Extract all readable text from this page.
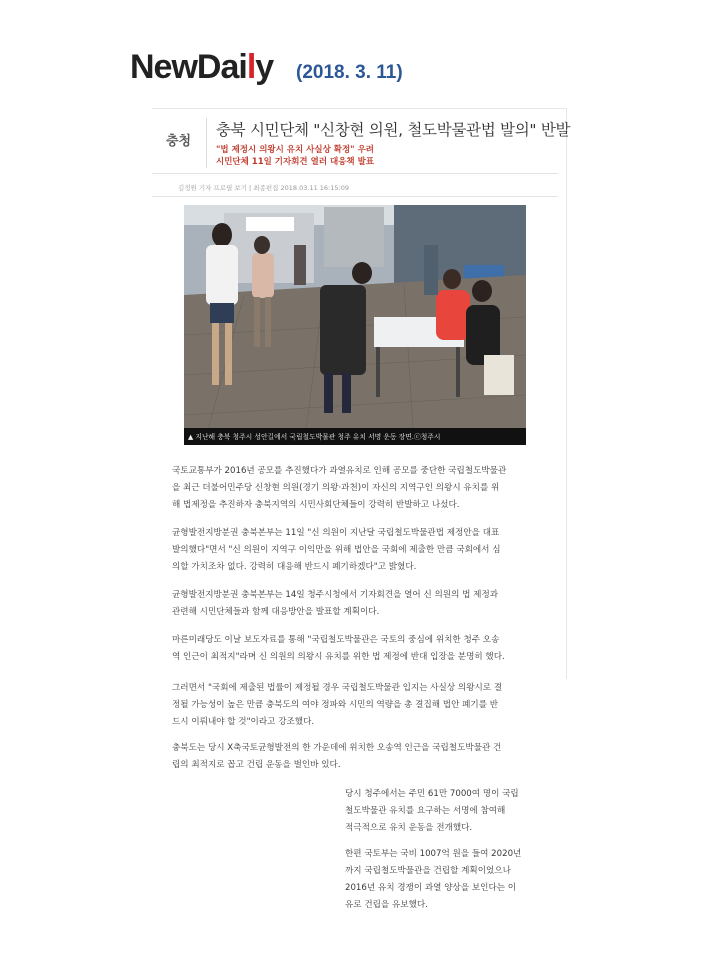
NewDaily (2018. 3. 11)
충청
충북 시민단체 "신창현 의원, 철도박물관법 발의" 반발
"법 제정시 의왕시 유치 사실상 확정" 우려
시민단체 11일 기자회견 열러 대응책 발표
김정원 기자 프로필 보기 | 최종편집 2018.03.11 16:15:09
▲ 지난해 충북 청주시 성안길에서 국립철도박물관 청주 유치 서명 운동 장면.ⓒ청주시
국토교통부가 2016년 공모를 추진했다가 과열유치로 인해 공모를 중단한 국립철도박물관
을 최근 더불어민주당 신창현 의원(경기 의왕·과천)이 자신의 지역구인 의왕시 유치를 위
해 법제정을 추진하자 충북지역의 시민사회단체들이 강력히 반발하고 나섰다.
균형발전지방분권 충북본부는 11일 "신 의원이 지난달 국립철도박물관법 제정안을 대표
발의했다"면서 "신 의원이 지역구 이익만을 위해 법안을 국회에 제출한 만큼 국회에서 심
의할 가치조차 없다. 강력히 대응해 반드시 폐기하겠다"고 밝혔다.
균형발전지방분권 충북본부는 14일 청주시청에서 기자회견을 열어 신 의원의 법 제정과
관련해 시민단체들과 함께 대응방안을 발표할 계획이다.
마른미래당도 이날 보도자료를 통해 "국립철도박물관은 국토의 중심에 위치한 청주 오송
역 인근이 최적지"라며 신 의원의 의왕시 유치를 위한 법 제정에 반대 입장을 분명히 했다.
그러면서 "국회에 제출된 법률이 제정될 경우 국립철도박물관 입지는 사실상 의왕시로 결
정될 가능성이 높은 만큼 충북도의 여야 정파와 시민의 역량을 총 결집해 법안 폐기를 반
드시 이뤄내야 할 것"이라고 강조했다.
충북도는 당시 X축국토균형발전의 한 가운데에 위치한 오송역 인근을 국립철도박물관 건
립의 최적지로 꼽고 건립 운동을 벌인바 있다.
당시 청주에서는 주민 61만 7000여 명이 국립
철도박물관 유치를 요구하는 서명에 참여해
적극적으로 유치 운동을 전개했다.
한편 국토부는 국비 1007억 원을 들여 2020년
까지 국립철도박물관을 건립할 계획이었으나
2016년 유치 경쟁이 과열 양상을 보인다는 이
유로 건립을 유보했다.
